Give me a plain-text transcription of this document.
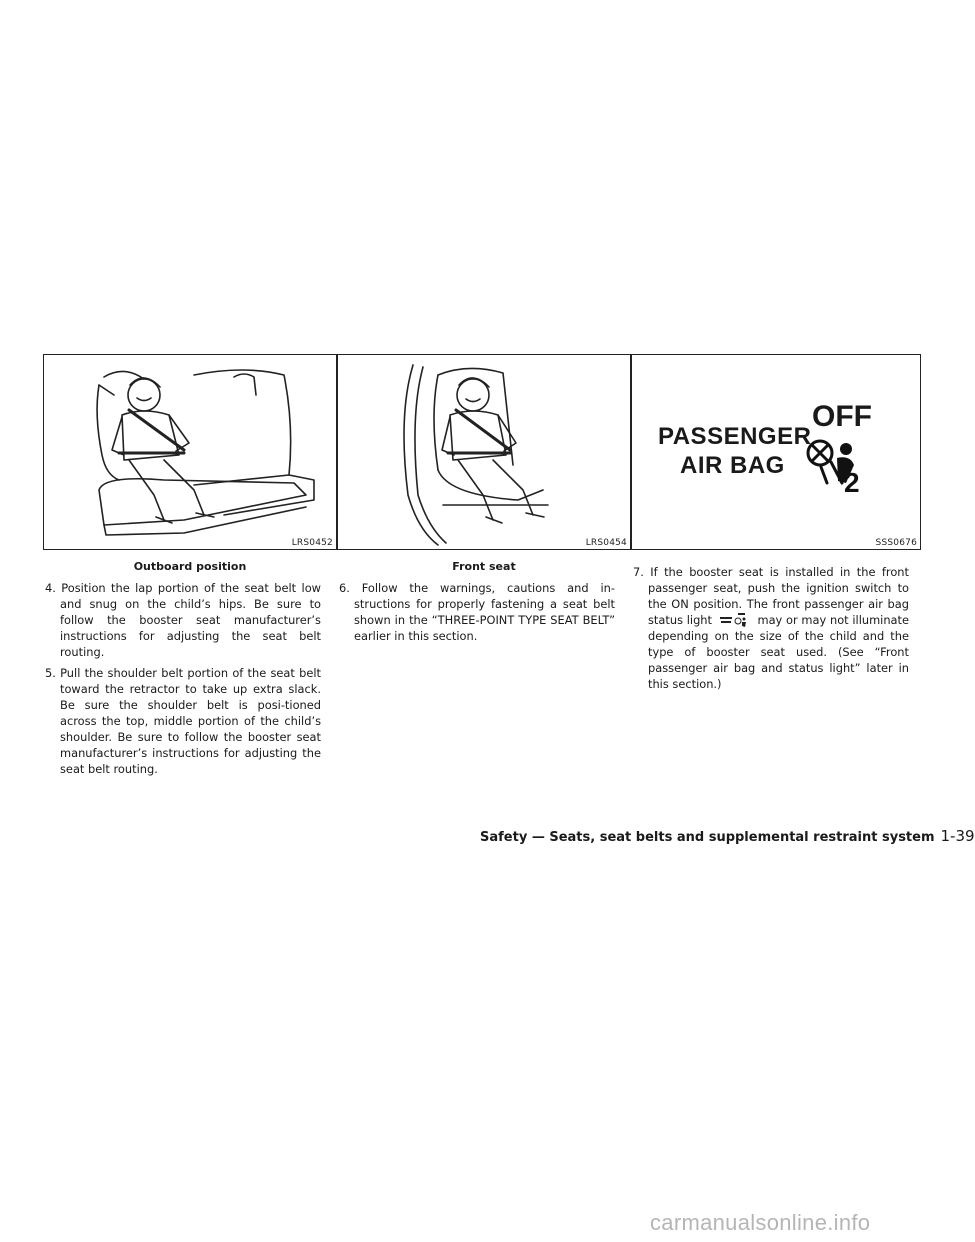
LRS0452
Outboard position
LRS0454
Front seat
PASSENGER
AIR BAG
OFF
2
SSS0676

4. Position the lap portion of the seat belt low and snug on the child’s hips. Be sure to follow the booster seat manufacturer’s instructions for adjusting the seat belt routing.

5. Pull the shoulder belt portion of the seat belt toward the retractor to take up extra slack. Be sure the shoulder belt is posi-tioned across the top, middle portion of the child’s shoulder. Be sure to follow the booster seat manufacturer’s instructions for adjusting the seat belt routing.

6. Follow the warnings, cautions and in-structions for properly fastening a seat belt shown in the “THREE-POINT TYPE SEAT BELT” earlier in this section.

7. If the booster seat is installed in the front passenger seat, push the ignition switch to the ON position. The front passenger air bag status light	may or may not illuminate depending on the size of the child and the type of booster seat used. (See “Front passenger air bag and status light” later in this section.)

Safety — Seats, seat belts and supplemental restraint system 1-39
carmanualsonline.info
